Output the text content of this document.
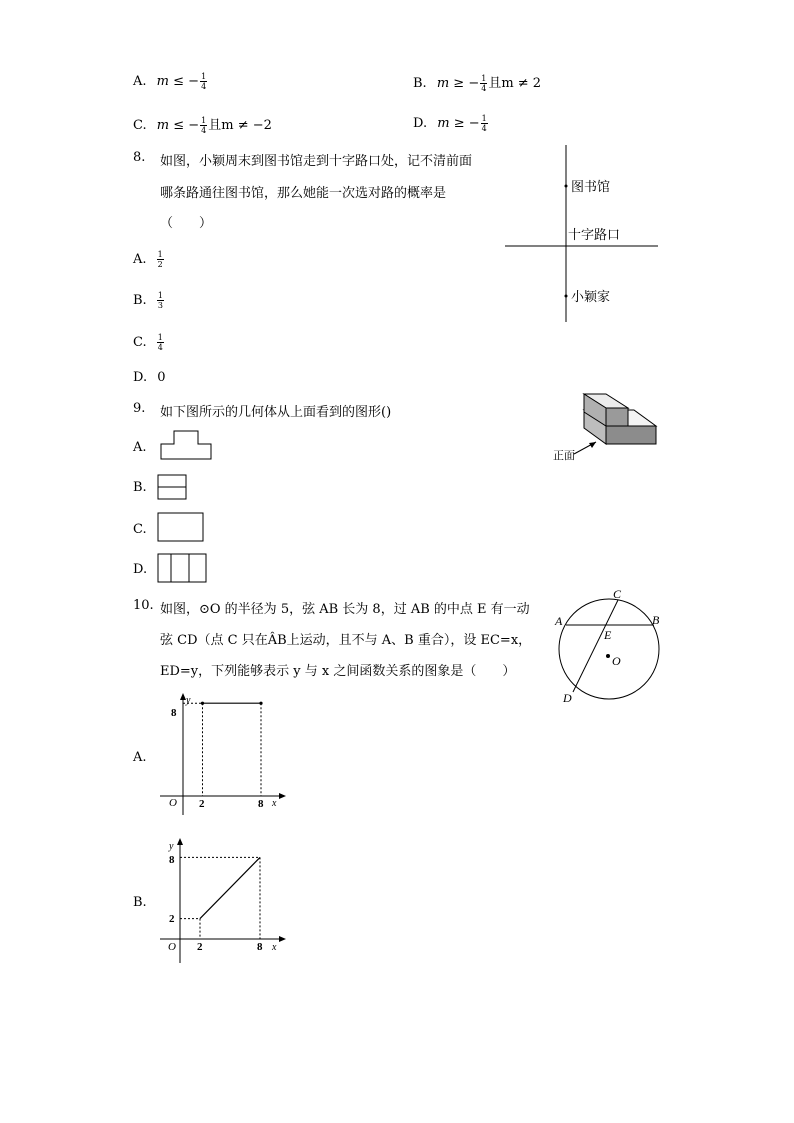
A. m ≤ − $\frac{1}{4}$	B. m ≥ − $\frac{1}{4}$ 且m ≠ 2
C. m ≤ − $\frac{1}{4}$ 且m ≠ −2	D. m ≥ − $\frac{1}{4}$
8. 如图，小颖周末到图书馆走到十字路口处，记不清前面
哪条路通往图书馆，那么她能一次选对路的概率是
（　　）
图书馆
十字路口
小颖家
A. $\frac{1}{2}$
B. $\frac{1}{3}$
C. $\frac{1}{4}$
D. 0
9. 如下图所示的几何体从上面看到的图形()
正面
A.
B.
C.
D.
10. 如图，⊙O 的半径为 5，弦 AB 长为 8，过 AB 的中点 E 有一动
弦 CD（点 C 只在ÂB上运动，且不与 A、B 重合），设 EC=x，
ED=y，下列能够表示 y 与 x 之间函数关系的图象是（　　）
C
A	B
E
O
D
A.
y
x
O
8
2	8
B.
y
x
O
8
2
2	8
